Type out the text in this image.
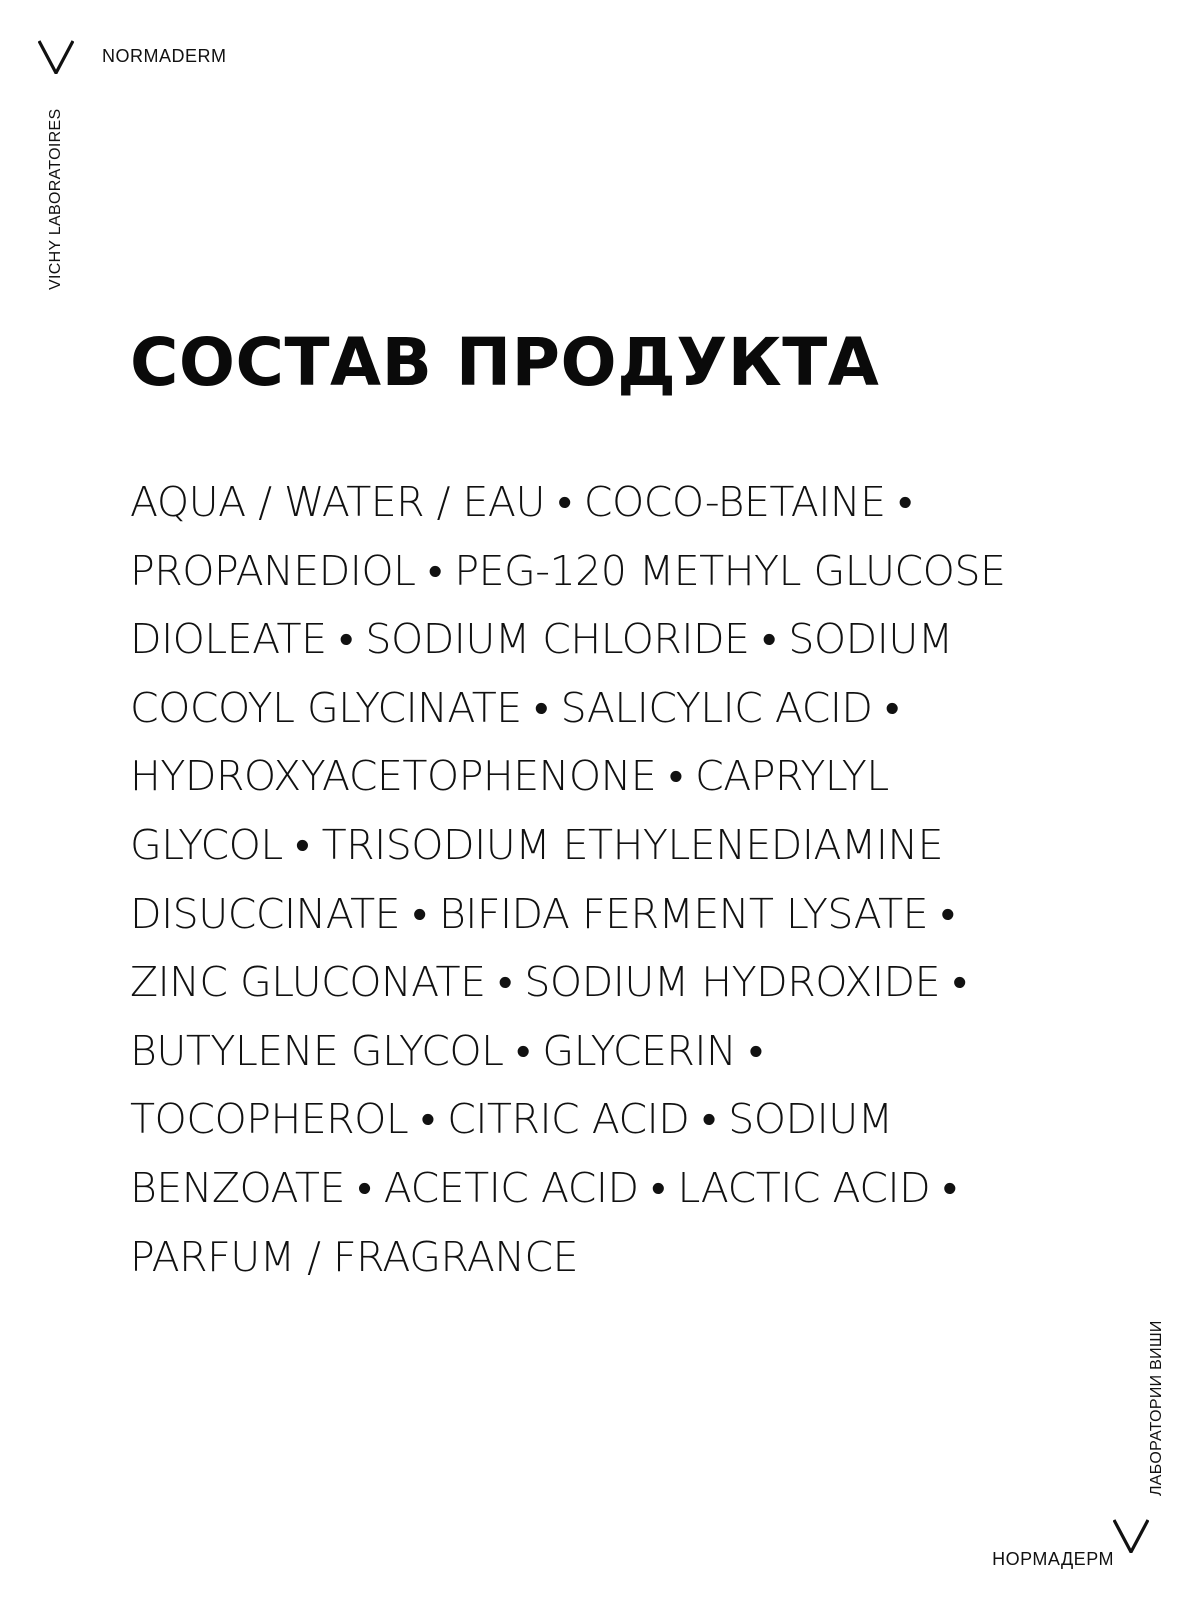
NORMADERM
VICHY LABORATOIRES
СОСТАВ ПРОДУКТА
AQUA / WATER / EAU • COCO-BETAINE •
PROPANEDIOL • PEG-120 METHYL GLUCOSE
DIOLEATE • SODIUM CHLORIDE • SODIUM
COCOYL GLYCINATE • SALICYLIC ACID •
HYDROXYACETOPHENONE • CAPRYLYL
GLYCOL • TRISODIUM ETHYLENEDIAMINE
DISUCCINATE • BIFIDA FERMENT LYSATE •
ZINC GLUCONATE • SODIUM HYDROXIDE •
BUTYLENE GLYCOL • GLYCERIN •
TOCOPHEROL • CITRIC ACID • SODIUM
BENZOATE • ACETIC ACID • LACTIC ACID •
PARFUM / FRAGRANCE
ЛАБОРАТОРИИ ВИШИ
НОРМАДЕРМ
